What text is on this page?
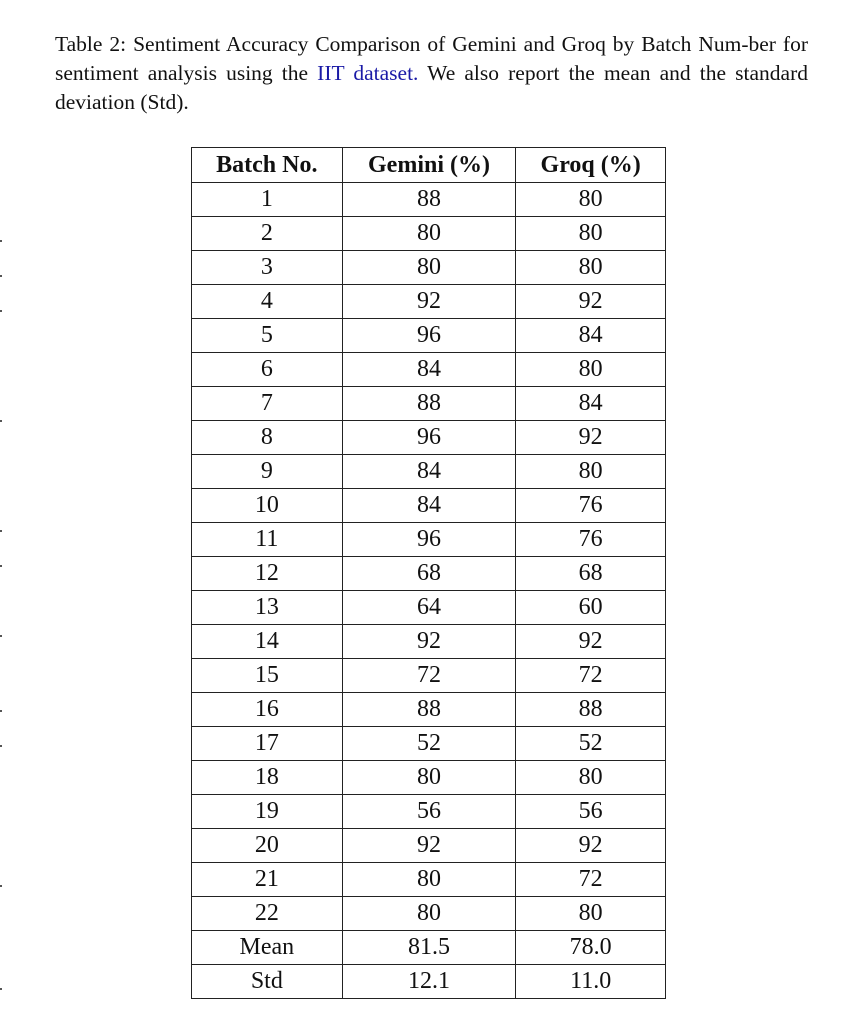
Table 2: Sentiment Accuracy Comparison of Gemini and Groq by Batch Num-ber for sentiment analysis using the IIT dataset. We also report the mean and the standard deviation (Std).
Batch No.	Gemini (%)	Groq (%)
1	88	80
2	80	80
3	80	80
4	92	92
5	96	84
6	84	80
7	88	84
8	96	92
9	84	80
10	84	76
11	96	76
12	68	68
13	64	60
14	92	92
15	72	72
16	88	88
17	52	52
18	80	80
19	56	56
20	92	92
21	80	72
22	80	80
Mean	81.5	78.0
Std	12.1	11.0
